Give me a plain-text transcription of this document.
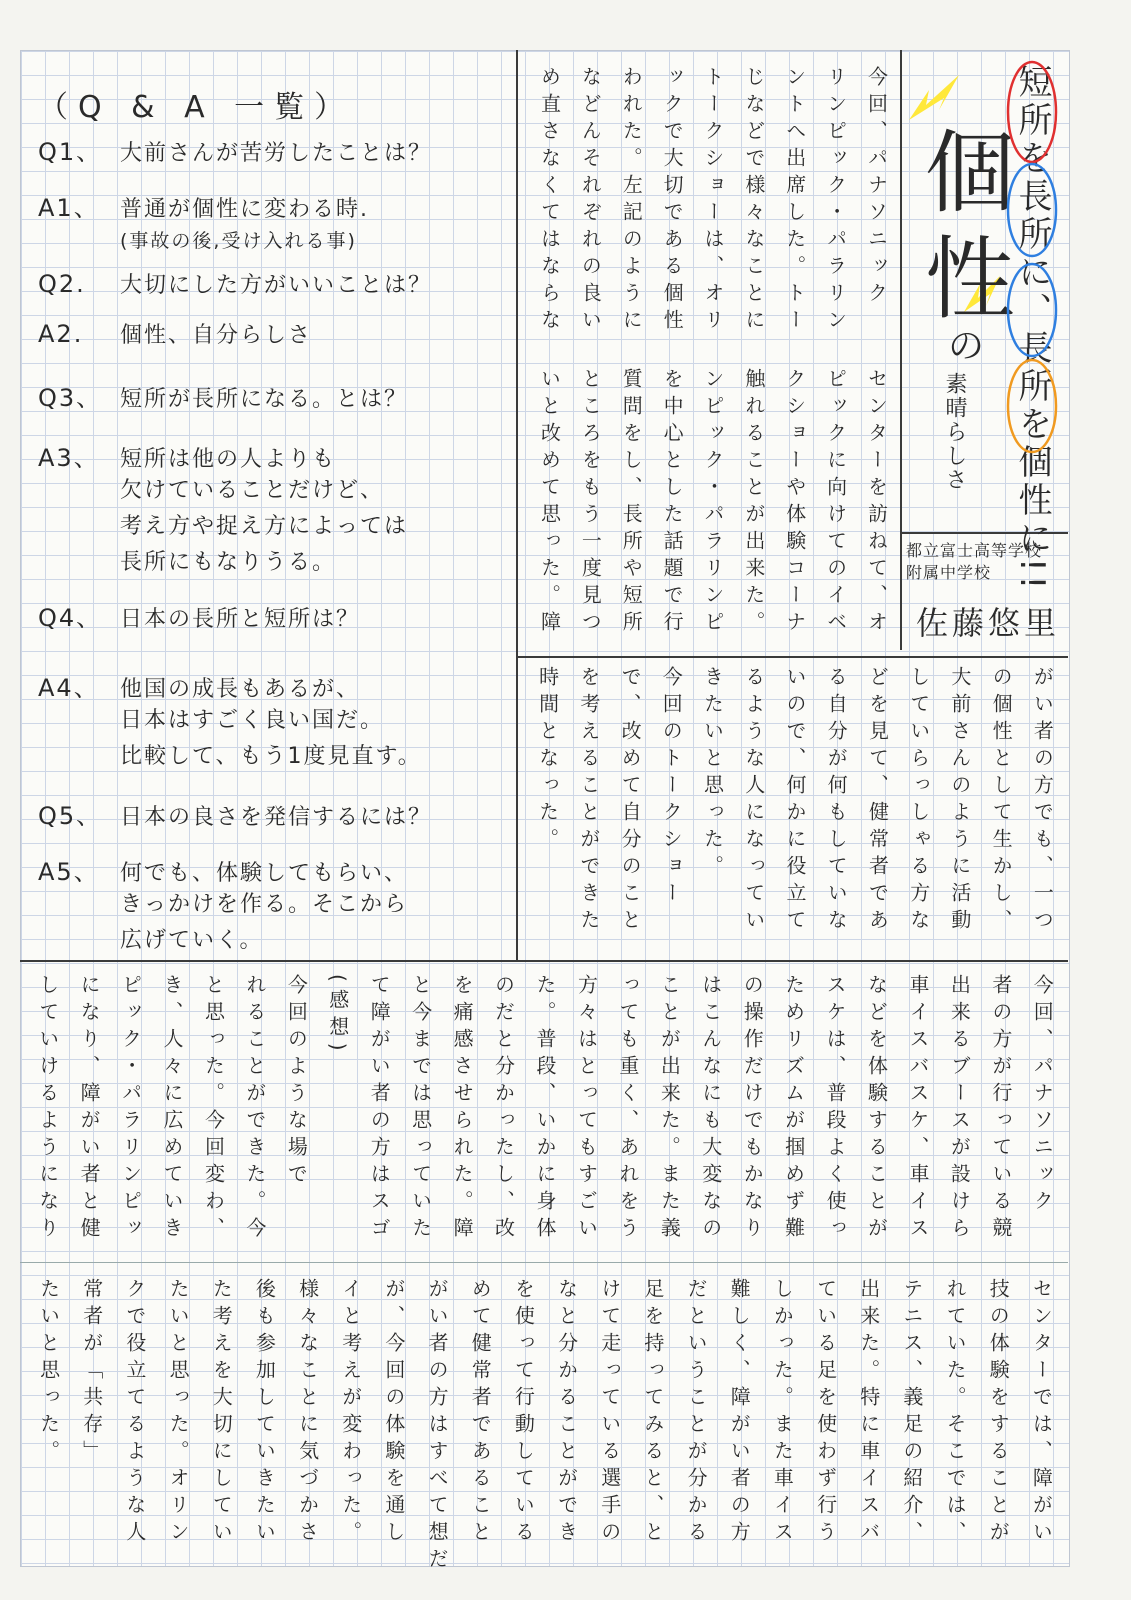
（Q & A 一覧）
Q1、 大前さんが苦労したことは？
A1、 普通が個性に変わる時.
(事故の後,受け入れる事)
Q2. 大切にした方がいいことは？
A2. 個性、自分らしさ
Q3、 短所が長所になる。とは？
A3、 短所は他の人よりも
欠けていることだけど、
考え方や捉え方によっては
長所にもなりうる。
Q4、 日本の長所と短所は？
A4、 他国の成長もあるが、
日本はすごく良い国だ。
比較して、もう1度見直す。
Q5、 日本の良さを発信するには？
A5、 何でも、体験してもらい、
きっかけを作る。そこから
広げていく。
個
性
の
素晴らしさ 短所を長所に、長所を個性に!!
都立富士高等学校附属中学校
佐藤悠里
今回、パナソニック
リンピック・パラリン
ントへ出席した。トー
じなどで様々なことに
トークショーは、オリ
ックで大切である個性
われた。左記のように
などんそれぞれの良い
め直さなくてはならな
センターを訪ねて、オ
ピックに向けてのイベ
クショーや体験コーナ
触れることが出来た。
ンピック・パラリンピ
を中心とした話題で行
質問をし、長所や短所
ところをもう一度見つ
いと改めて思った。障
がい者の方でも、一つ
の個性として生かし、
大前さんのように活動
していらっしゃる方な
どを見て、健常者であ
る自分が何もしていな
いので、何かに役立て
るような人になってい
きたいと思った。
今回のトークショー
で、改めて自分のこと
を考えることができた
時間となった。
今回、パナソニック
者の方が行っている競
出来るブースが設けら
車イスバスケ、車イス
などを体験することが
スケは、普段よく使っ
ためリズムが掴めず難
の操作だけでもかなり
はこんなにも大変なの
ことが出来た。また義
っても重く、あれをう
方々はとってもすごい
た。普段、いかに身体
のだと分かったし、改
を痛感させられた。障
と今までは思っていた
て障がい者の方はスゴ
(感想)
今回のような場で
れることができた。今
と思った。今回変わ、
き、人々に広めていき
ピック・パラリンピッ
になり、障がい者と健
していけるようになり
センターでは、障がい
技の体験をすることが
れていた。そこでは、
テニス、義足の紹介、
出来た。特に車イスバ
ている足を使わず行う
しかった。また車イス
難しく、障がい者の方
だということが分かる
足を持ってみると、と
けて走っている選手の
なと分かることができ
を使って行動している
めて健常者であること
がい者の方はすべて想だ
が、今回の体験を通し
イと考えが変わった。
様々なことに気づかさ
後も参加していきたい
た考えを大切にしてい
たいと思った。オリン
クで役立てるような人
常者が「共存」
たいと思った。
